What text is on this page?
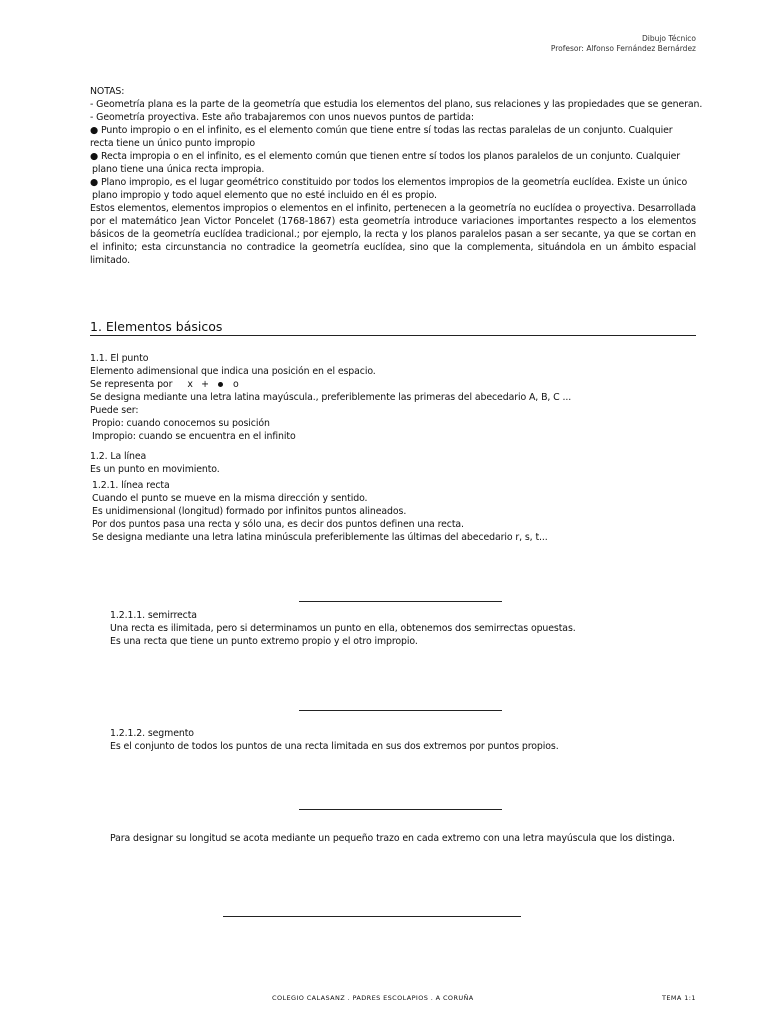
Dibujo Técnico
Profesor: Alfonso Fernández Bernárdez
NOTAS:
- Geometría plana es la parte de la geometría que estudia los elementos del plano, sus relaciones y las propiedades que se generan.
- Geometría proyectiva. Este año trabajaremos con unos nuevos puntos de partida:
● Punto impropio o en el infinito, es el elemento común que tiene entre sí todas las rectas paralelas de un conjunto. Cualquier
recta tiene un único punto impropio
● Recta impropia o en el infinito, es el elemento común que tienen entre sí todos los planos paralelos de un conjunto. Cualquier
plano tiene una única recta impropia.
● Plano impropio, es el lugar geométrico constituido por todos los elementos impropios de la geometría euclídea. Existe un único
plano impropio y todo aquel elemento que no esté incluido en él es propio.
Estos elementos, elementos impropios o elementos en el infinito, pertenecen a la geometría no euclídea o proyectiva. Desarrollada por el matemático Jean Victor Poncelet (1768-1867) esta geometría introduce variaciones importantes respecto a los elementos básicos de la geometría euclídea tradicional.; por ejemplo, la recta y los planos paralelos pasan a ser secante, ya que se cortan en el infinito; esta circunstancia no contradice la geometría euclídea, sino que la complementa, situándola en un ámbito espacial limitado.
1. Elementos básicos
1.1. El punto
Elemento adimensional que indica una posición en el espacio.
Se representa por x +	o
Se designa mediante una letra latina mayúscula., preferiblemente las primeras del abecedario A, B, C ...
Puede ser:
Propio: cuando conocemos su posición
Impropio: cuando se encuentra en el infinito
1.2. La línea
Es un punto en movimiento.
1.2.1. línea recta
Cuando el punto se mueve en la misma dirección y sentido.
Es unidimensional (longitud) formado por infinitos puntos alineados.
Por dos puntos pasa una recta y sólo una, es decir dos puntos definen una recta.
Se designa mediante una letra latina minúscula preferiblemente las últimas del abecedario r, s, t...
1.2.1.1. semirrecta
Una recta es ilimitada, pero si determinamos un punto en ella, obtenemos dos semirrectas opuestas.
Es una recta que tiene un punto extremo propio y el otro impropio.
1.2.1.2. segmento
Es el conjunto de todos los puntos de una recta limitada en sus dos extremos por puntos propios.
Para designar su longitud se acota mediante un pequeño trazo en cada extremo con una letra mayúscula que los distinga.
COLEGIO CALASANZ . PADRES ESCOLAPIOS . A CORUÑA	TEMA 1:1
